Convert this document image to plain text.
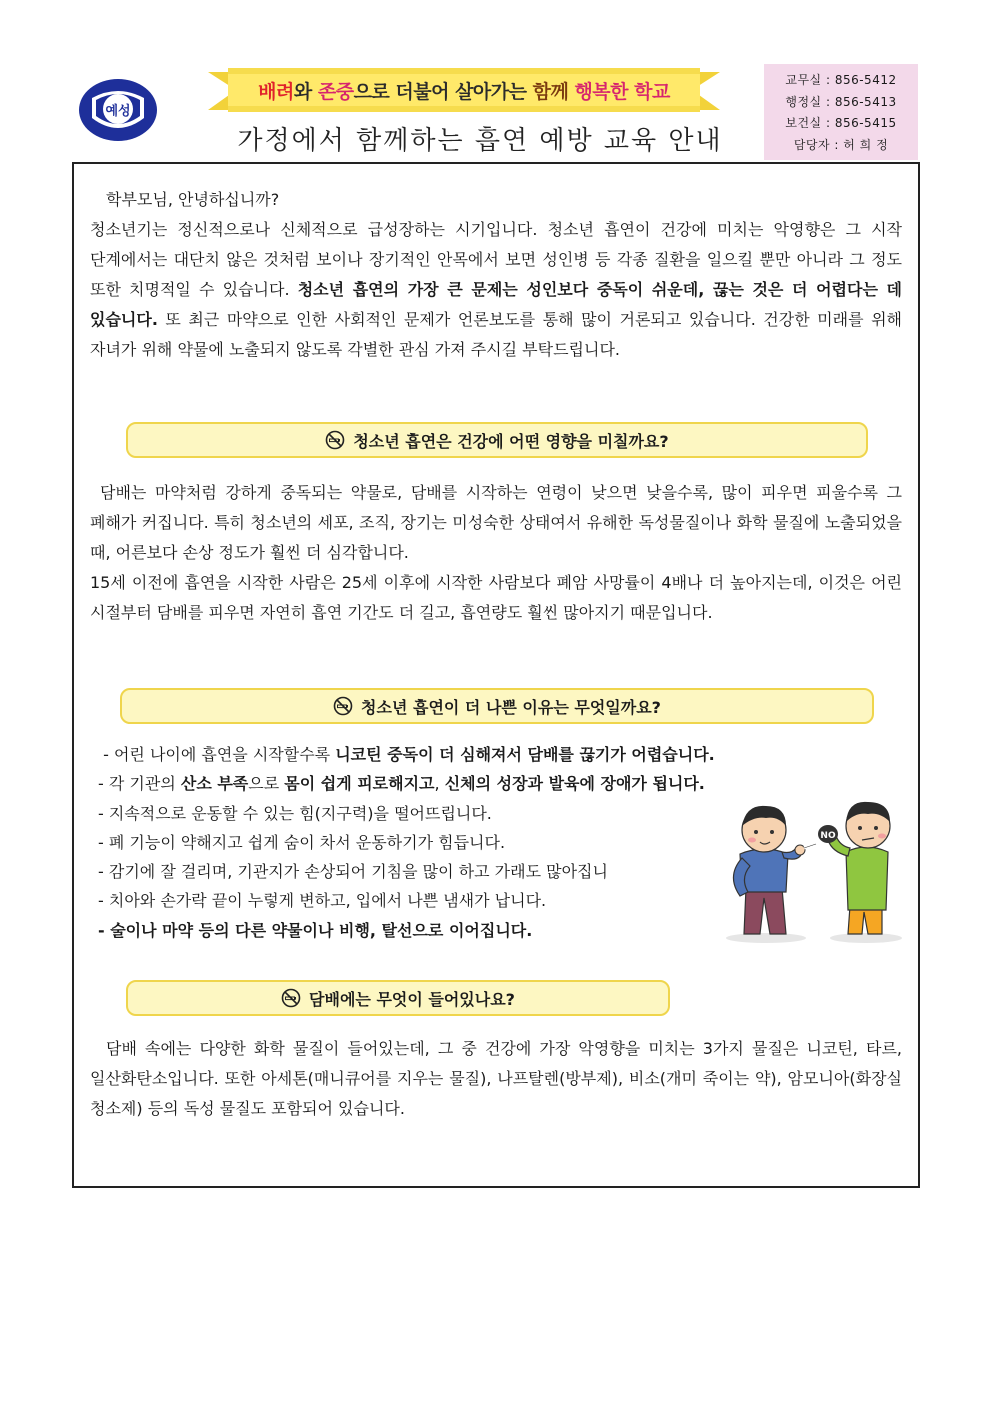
예성
배려 와 존중 으로 더불어 살아가는 함께 행복한 학교
가정에서 함께하는 흡연 예방 교육 안내
교무실 : 856-5412
행정실 : 856-5413
보건실 : 856-5415
담당자 : 허 희 정
학부모님, 안녕하십니까?
청소년기는 정신적으로나 신체적으로 급성장하는 시기입니다. 청소년 흡연이 건강에 미치는 악영향은 그 시작 단계에서는 대단치 않은 것처럼 보이나 장기적인 안목에서 보면 성인병 등 각종 질환을 일으킬 뿐만 아니라 그 정도 또한 치명적일 수 있습니다. 청소년 흡연의 가장 큰 문제는 성인보다 중독이 쉬운데, 끊는 것은 더 어렵다는 데 있습니다. 또 최근 마약으로 인한 사회적인 문제가 언론보도를 통해 많이 거론되고 있습니다. 건강한 미래를 위해 자녀가 위해 약물에 노출되지 않도록 각별한 관심 가져 주시길 부탁드립니다.
청소년 흡연은 건강에 어떤 영향을 미칠까요?
담배는 마약처럼 강하게 중독되는 약물로, 담배를 시작하는 연령이 낮으면 낮을수록, 많이 피우면 피울수록 그 폐해가 커집니다. 특히 청소년의 세포, 조직, 장기는 미성숙한 상태여서 유해한 독성물질이나 화학 물질에 노출되었을 때, 어른보다 손상 정도가 훨씬 더 심각합니다.
15세 이전에 흡연을 시작한 사람은 25세 이후에 시작한 사람보다 폐암 사망률이 4배나 더 높아지는데, 이것은 어린 시절부터 담배를 피우면 자연히 흡연 기간도 더 길고, 흡연량도 훨씬 많아지기 때문입니다.
청소년 흡연이 더 나쁜 이유는 무엇일까요?
- 어린 나이에 흡연을 시작할수록 니코틴 중독이 더 심해져서 담배를 끊기가 어렵습니다.
- 각 기관의 산소 부족으로 몸이 쉽게 피로해지고, 신체의 성장과 발육에 장애가 됩니다.
- 지속적으로 운동할 수 있는 힘(지구력)을 떨어뜨립니다.
- 폐 기능이 약해지고 쉽게 숨이 차서 운동하기가 힘듭니다.
- 감기에 잘 걸리며, 기관지가 손상되어 기침을 많이 하고 가래도 많아집니
- 치아와 손가락 끝이 누렇게 변하고, 입에서 나쁜 냄새가 납니다.
- 술이나 마약 등의 다른 약물이나 비행, 탈선으로 이어집니다.
NO
담배에는 무엇이 들어있나요?
담배 속에는 다양한 화학 물질이 들어있는데, 그 중 건강에 가장 악영향을 미치는 3가지 물질은 니코틴, 타르, 일산화탄소입니다. 또한 아세톤(매니큐어를 지우는 물질), 나프탈렌(방부제), 비소(개미 죽이는 약), 암모니아(화장실 청소제) 등의 독성 물질도 포함되어 있습니다.
